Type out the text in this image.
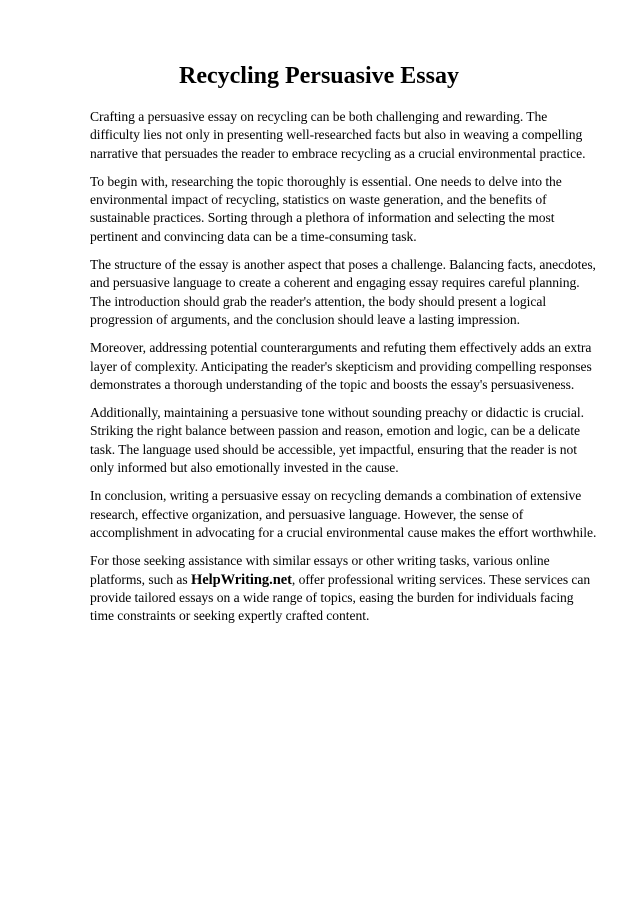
Recycling Persuasive Essay

Crafting a persuasive essay on recycling can be both challenging and rewarding. The difficulty lies not only in presenting well-researched facts but also in weaving a compelling narrative that persuades the reader to embrace recycling as a crucial environmental practice.

To begin with, researching the topic thoroughly is essential. One needs to delve into the environmental impact of recycling, statistics on waste generation, and the benefits of sustainable practices. Sorting through a plethora of information and selecting the most pertinent and convincing data can be a time-consuming task.

The structure of the essay is another aspect that poses a challenge. Balancing facts, anecdotes, and persuasive language to create a coherent and engaging essay requires careful planning. The introduction should grab the reader's attention, the body should present a logical progression of arguments, and the conclusion should leave a lasting impression.

Moreover, addressing potential counterarguments and refuting them effectively adds an extra layer of complexity. Anticipating the reader's skepticism and providing compelling responses demonstrates a thorough understanding of the topic and boosts the essay's persuasiveness.

Additionally, maintaining a persuasive tone without sounding preachy or didactic is crucial. Striking the right balance between passion and reason, emotion and logic, can be a delicate task. The language used should be accessible, yet impactful, ensuring that the reader is not only informed but also emotionally invested in the cause.

In conclusion, writing a persuasive essay on recycling demands a combination of extensive research, effective organization, and persuasive language. However, the sense of accomplishment in advocating for a crucial environmental cause makes the effort worthwhile.

For those seeking assistance with similar essays or other writing tasks, various online platforms, such as HelpWriting.net, offer professional writing services. These services can provide tailored essays on a wide range of topics, easing the burden for individuals facing time constraints or seeking expertly crafted content.
